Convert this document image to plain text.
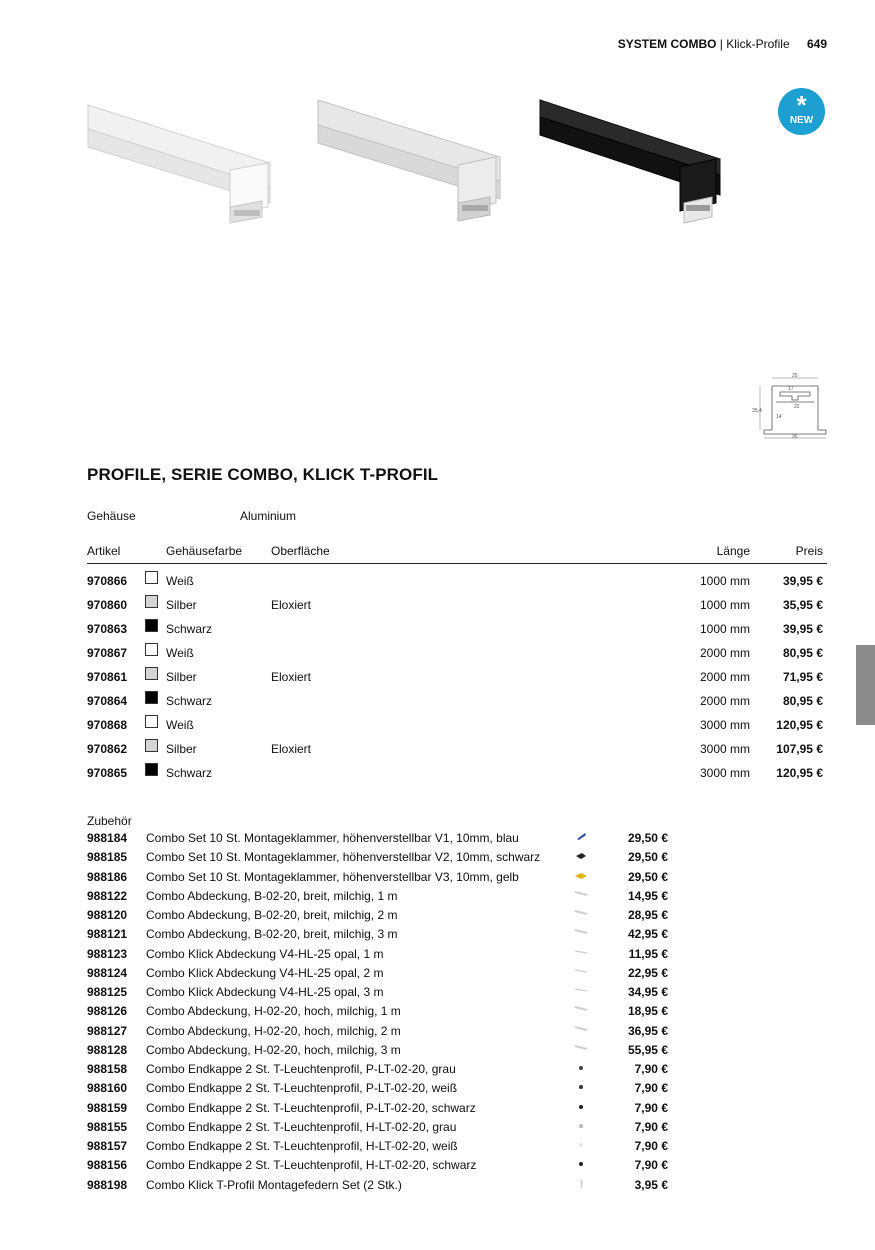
SYSTEM COMBO | Klick-Profile 649
*
NEW
25
17
22
35,4
14
35
PROFILE, SERIE COMBO, KLICK T-PROFIL
Gehäuse	Aluminium
Artikel	Gehäusefarbe Oberfläche	Länge	Preis
970866	Weiß	1000 mm	39,95 €
970860	Silber	Eloxiert	1000 mm	35,95 €
970863	Schwarz	1000 mm	39,95 €
970867	Weiß	2000 mm	80,95 €
970861	Silber	Eloxiert	2000 mm	71,95 €
970864	Schwarz	2000 mm	80,95 €
970868	Weiß	3000 mm 120,95 €
970862	Silber	Eloxiert	3000 mm 107,95 €
970865	Schwarz	3000 mm 120,95 €
Zubehör
988184 Combo Set 10 St. Montageklammer, höhenverstellbar V1, 10mm, blau	29,50 €
988185 Combo Set 10 St. Montageklammer, höhenverstellbar V2, 10mm, schwarz	29,50 €
988186 Combo Set 10 St. Montageklammer, höhenverstellbar V3, 10mm, gelb	29,50 €
988122 Combo Abdeckung, B-02-20, breit, milchig, 1 m	14,95 €
988120 Combo Abdeckung, B-02-20, breit, milchig, 2 m	28,95 €
988121 Combo Abdeckung, B-02-20, breit, milchig, 3 m	42,95 €
988123 Combo Klick Abdeckung V4-HL-25 opal, 1 m	11,95 €
988124 Combo Klick Abdeckung V4-HL-25 opal, 2 m	22,95 €
988125 Combo Klick Abdeckung V4-HL-25 opal, 3 m	34,95 €
988126 Combo Abdeckung, H-02-20, hoch, milchig, 1 m	18,95 €
988127 Combo Abdeckung, H-02-20, hoch, milchig, 2 m	36,95 €
988128 Combo Abdeckung, H-02-20, hoch, milchig, 3 m	55,95 €
988158 Combo Endkappe 2 St. T-Leuchtenprofil, P-LT-02-20, grau	7,90 €
988160 Combo Endkappe 2 St. T-Leuchtenprofil, P-LT-02-20, weiß	7,90 €
988159 Combo Endkappe 2 St. T-Leuchtenprofil, P-LT-02-20, schwarz	7,90 €
988155 Combo Endkappe 2 St. T-Leuchtenprofil, H-LT-02-20, grau	7,90 €
988157 Combo Endkappe 2 St. T-Leuchtenprofil, H-LT-02-20, weiß	7,90 €
988156 Combo Endkappe 2 St. T-Leuchtenprofil, H-LT-02-20, schwarz	7,90 €
988198 Combo Klick T-Profil Montagefedern Set (2 Stk.)	3,95 €
